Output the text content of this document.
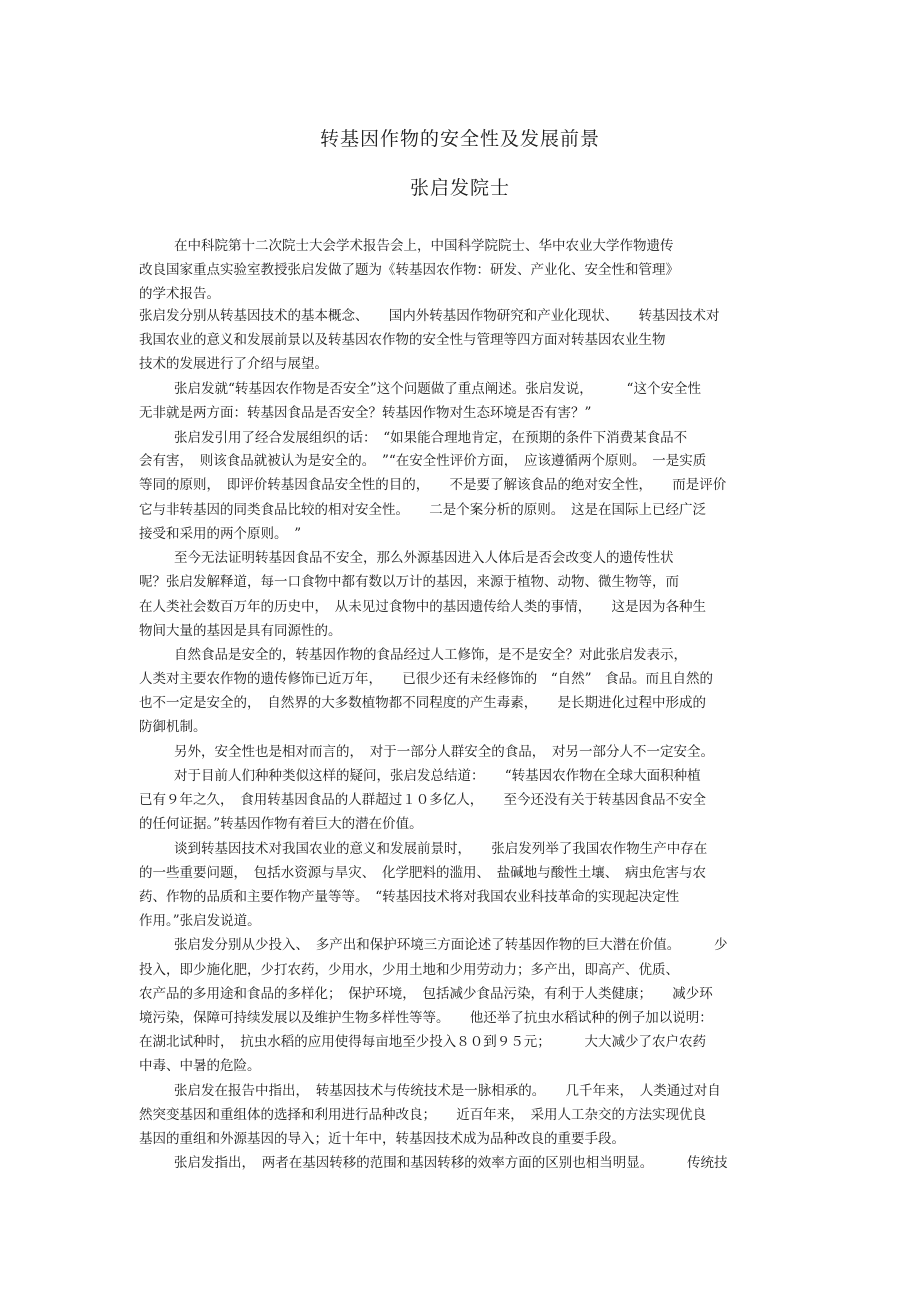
转基因作物的安全性及发展前景
张启发院士
在中科院第十二次院士大会学术报告会上，中国科学院院士、华中农业大学作物遗传
改良国家重点实验室教授张启发做了题为《转基因农作物：研发、产业化、安全性和管理》
的学术报告。
张启发分别从转基因技术的基本概念、　　国内外转基因作物研究和产业化现状、　　转基因技术对
我国农业的意义和发展前景以及转基因农作物的安全性与管理等四方面对转基因农业生物
技术的发展进行了介绍与展望。
张启发就“转基因农作物是否安全”这个问题做了重点阐述。张启发说，　　　“这个安全性
无非就是两方面：转基因食品是否安全？转基因作物对生态环境是否有害？”
张启发引用了经合发展组织的话：　“如果能合理地肯定，在预期的条件下消费某食品不
会有害，　则该食品就被认为是安全的。　”“在安全性评价方面，　应该遵循两个原则。　一是实质
等同的原则，　即评价转基因食品安全性的目的，　　不是要了解该食品的绝对安全性，　　而是评价
它与非转基因的同类食品比较的相对安全性。　　二是个案分析的原则。　这是在国际上已经广泛
接受和采用的两个原则。　”
至今无法证明转基因食品不安全，那么外源基因进入人体后是否会改变人的遗传性状
呢？张启发解释道，每一口食物中都有数以万计的基因，来源于植物、动物、微生物等，而
在人类社会数百万年的历史中，　从未见过食物中的基因遗传给人类的事情，　　这是因为各种生
物间大量的基因是具有同源性的。
自然食品是安全的，转基因作物的食品经过人工修饰，是不是安全？对此张启发表示，
人类对主要农作物的遗传修饰已近万年，　　已很少还有未经修饰的　“自然”　食品。而且自然的
也不一定是安全的，　自然界的大多数植物都不同程度的产生毒素，　　是长期进化过程中形成的
防御机制。
另外，安全性也是相对而言的，　对于一部分人群安全的食品，　对另一部分人不一定安全。
对于目前人们种种类似这样的疑问，张启发总结道：　　“转基因农作物在全球大面积种植
已有９年之久，　食用转基因食品的人群超过１０多亿人，　　至今还没有关于转基因食品不安全
的任何证据。”转基因作物有着巨大的潜在价值。
谈到转基因技术对我国农业的意义和发展前景时，　　张启发列举了我国农作物生产中存在
的一些重要问题，　包括水资源与旱灾、　化学肥料的滥用、　盐碱地与酸性土壤、　病虫危害与农
药、作物的品质和主要作物产量等等。　“转基因技术将对我国农业科技革命的实现起决定性
作用。”张启发说道。
张启发分别从少投入、　多产出和保护环境三方面论述了转基因作物的巨大潜在价值。　　　少
投入，即少施化肥，少打农药，少用水，少用土地和少用劳动力；多产出，即高产、优质、
农产品的多用途和食品的多样化；　保护环境，　包括减少食品污染，有利于人类健康；　　减少环
境污染，保障可持续发展以及维护生物多样性等等。　　他还举了抗虫水稻试种的例子加以说明：
在湖北试种时，　抗虫水稻的应用使得每亩地至少投入８０到９５元；　　　大大减少了农户农药
中毒、中暑的危险。
张启发在报告中指出，　转基因技术与传统技术是一脉相承的。　　几千年来，　人类通过对自
然突变基因和重组体的选择和利用进行品种改良；　　近百年来，　采用人工杂交的方法实现优良
基因的重组和外源基因的导入；近十年中，转基因技术成为品种改良的重要手段。
张启发指出，　两者在基因转移的范围和基因转移的效率方面的区别也相当明显。　　　传统技
